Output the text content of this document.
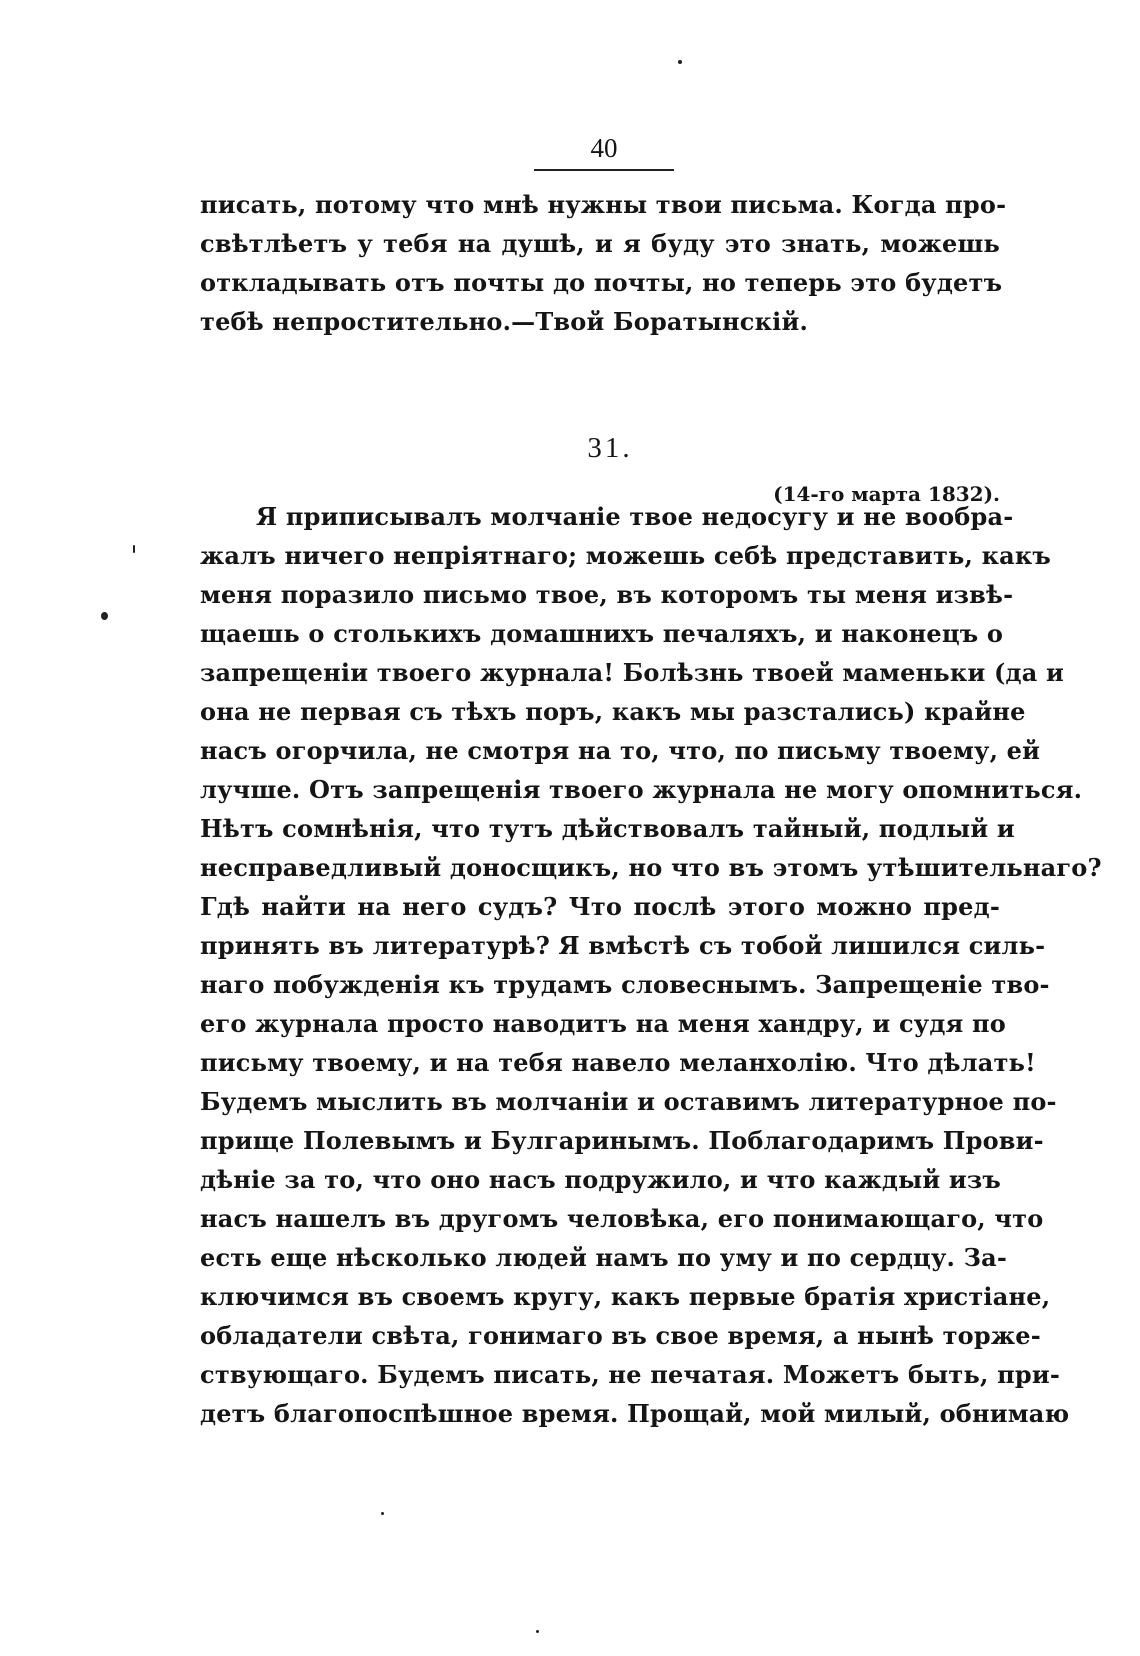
40
писать, потому что мнѣ нужны твои письма. Когда про-
свѣтлѣетъ у тебя на душѣ, и я буду это знать, можешь
откладывать отъ почты до почты, но теперь это будетъ
тебѣ непростительно.—Твой Боратынскій.
31.
(14-го марта 1832).
Я приписывалъ молчаніе твое недосугу и не вообра-
жалъ ничего непріятнаго; можешь себѣ представить, какъ
меня поразило письмо твое, въ которомъ ты меня извѣ-
щаешь о столькихъ домашнихъ печаляхъ, и наконецъ о
запрещеніи твоего журнала! Болѣзнь твоей маменьки (да и
она не первая съ тѣхъ поръ, какъ мы разстались) крайне
насъ огорчила, не смотря на то, что, по письму твоему, ей
лучше. Отъ запрещенія твоего журнала не могу опомниться.
Нѣтъ сомнѣнія, что тутъ дѣйствовалъ тайный, подлый и
несправедливый доносщикъ, но что въ этомъ утѣшительнаго?
Гдѣ найти на него судъ? Что послѣ этого можно пред-
принять въ литературѣ? Я вмѣстѣ съ тобой лишился силь-
наго побужденія къ трудамъ словеснымъ. Запрещеніе тво-
его журнала просто наводитъ на меня хандру, и судя по
письму твоему, и на тебя навело меланхолію. Что дѣлать!
Будемъ мыслить въ молчаніи и оставимъ литературное по-
прище Полевымъ и Булгаринымъ. Поблагодаримъ Прови-
дѣніе за то, что оно насъ подружило, и что каждый изъ
насъ нашелъ въ другомъ человѣка, его понимающаго, что
есть еще нѣсколько людей намъ по уму и по сердцу. За-
ключимся въ своемъ кругу, какъ первые братія христіане,
обладатели свѣта, гонимаго въ свое время, а нынѣ торже-
ствующаго. Будемъ писать, не печатая. Можетъ быть, при-
детъ благопоспѣшное время. Прощай, мой милый, обнимаю
